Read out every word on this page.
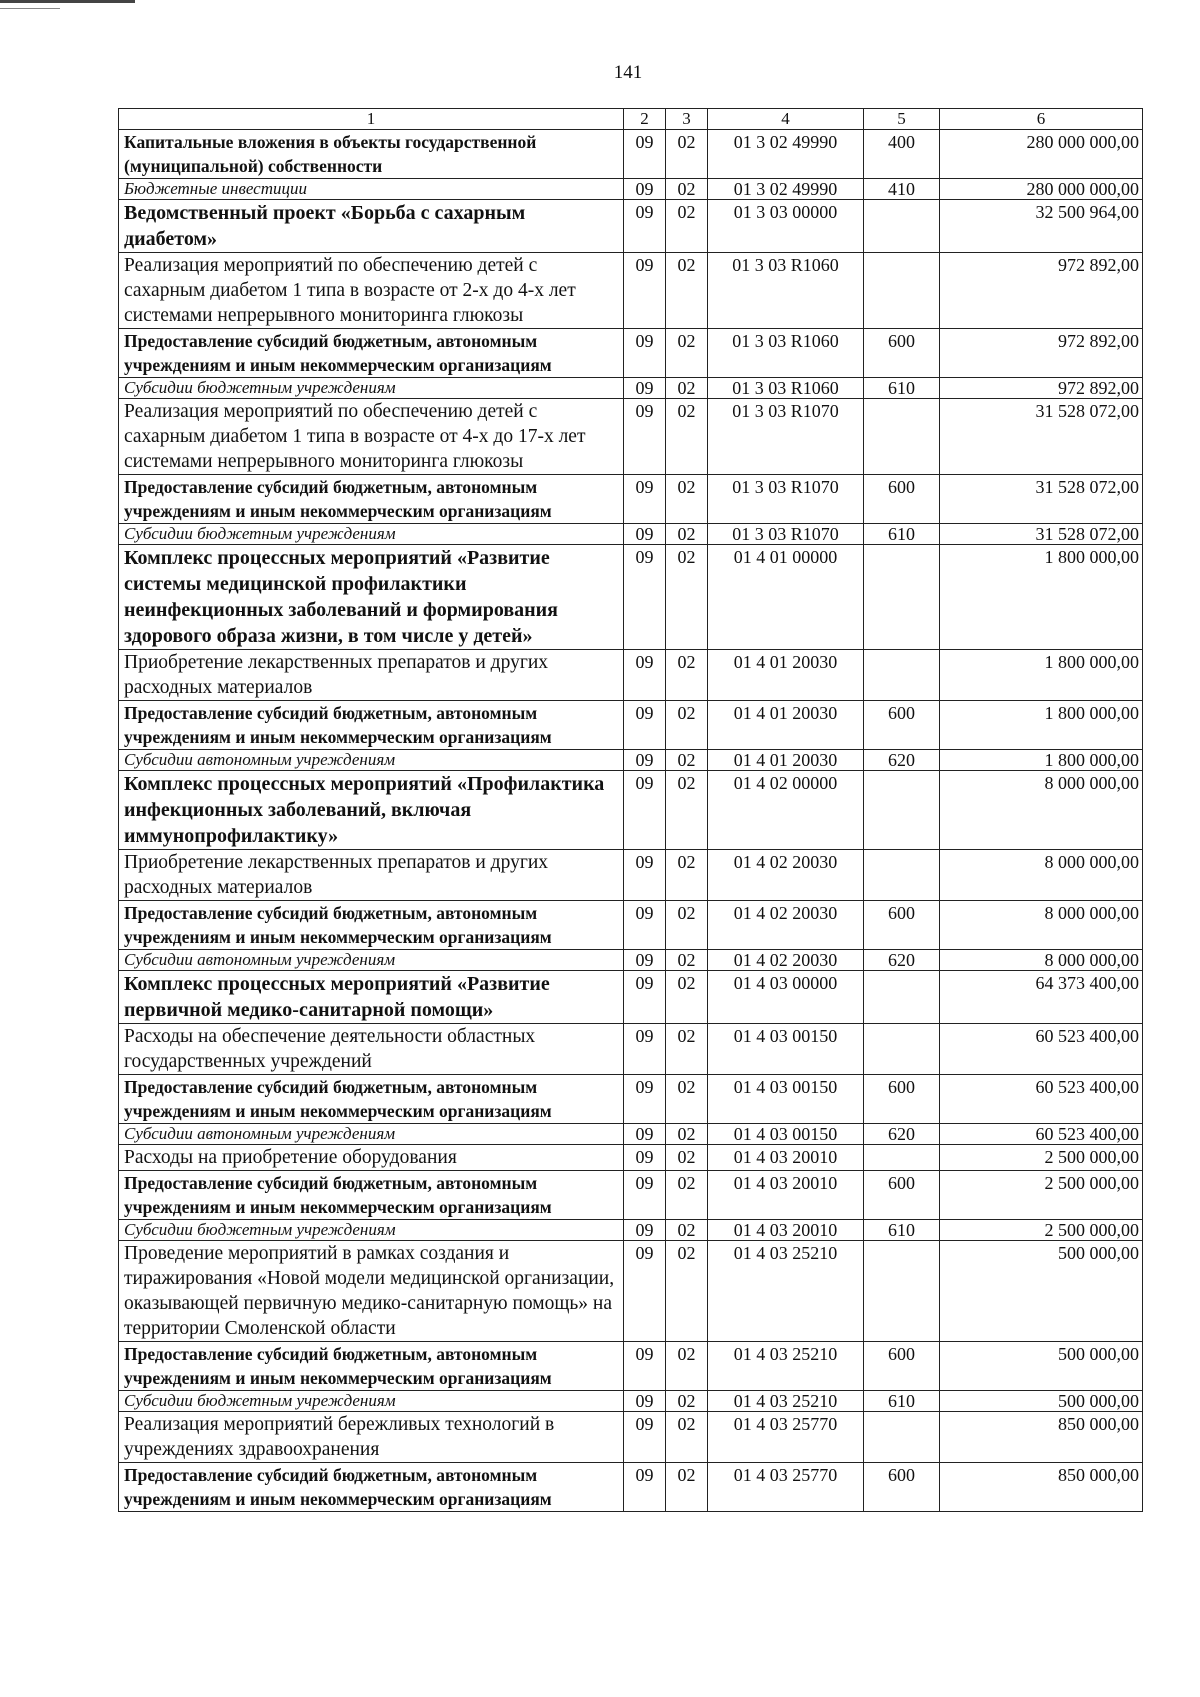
141
1	2	3	4	5	6
Капитальные вложения в объекты государственной (муниципальной) собственности	09	02	01 3 02 49990	400	280 000 000,00
Бюджетные инвестиции	09	02	01 3 02 49990	410	280 000 000,00
Ведомственный проект «Борьба с сахарным диабетом»	09	02	01 3 03 00000		32 500 964,00
Реализация мероприятий по обеспечению детей с сахарным диабетом 1 типа в возрасте от 2-х до 4-х лет системами непрерывного мониторинга глюкозы	09	02	01 3 03 R1060		972 892,00
Предоставление субсидий бюджетным, автономным учреждениям и иным некоммерческим организациям	09	02	01 3 03 R1060	600	972 892,00
Субсидии бюджетным учреждениям	09	02	01 3 03 R1060	610	972 892,00
Реализация мероприятий по обеспечению детей с сахарным диабетом 1 типа в возрасте от 4-х до 17-х лет системами непрерывного мониторинга глюкозы	09	02	01 3 03 R1070		31 528 072,00
Предоставление субсидий бюджетным, автономным учреждениям и иным некоммерческим организациям	09	02	01 3 03 R1070	600	31 528 072,00
Субсидии бюджетным учреждениям	09	02	01 3 03 R1070	610	31 528 072,00
Комплекс процессных мероприятий «Развитие системы медицинской профилактики неинфекционных заболеваний и формирования здорового образа жизни, в том числе у детей»	09	02	01 4 01 00000		1 800 000,00
Приобретение лекарственных препаратов и других расходных материалов	09	02	01 4 01 20030		1 800 000,00
Предоставление субсидий бюджетным, автономным учреждениям и иным некоммерческим организациям	09	02	01 4 01 20030	600	1 800 000,00
Субсидии автономным учреждениям	09	02	01 4 01 20030	620	1 800 000,00
Комплекс процессных мероприятий «Профилактика инфекционных заболеваний, включая иммунопрофилактику»	09	02	01 4 02 00000		8 000 000,00
Приобретение лекарственных препаратов и других расходных материалов	09	02	01 4 02 20030		8 000 000,00
Предоставление субсидий бюджетным, автономным учреждениям и иным некоммерческим организациям	09	02	01 4 02 20030	600	8 000 000,00
Субсидии автономным учреждениям	09	02	01 4 02 20030	620	8 000 000,00
Комплекс процессных мероприятий «Развитие первичной медико-санитарной помощи»	09	02	01 4 03 00000		64 373 400,00
Расходы на обеспечение деятельности областных государственных учреждений	09	02	01 4 03 00150		60 523 400,00
Предоставление субсидий бюджетным, автономным учреждениям и иным некоммерческим организациям	09	02	01 4 03 00150	600	60 523 400,00
Субсидии автономным учреждениям	09	02	01 4 03 00150	620	60 523 400,00
Расходы на приобретение оборудования	09	02	01 4 03 20010		2 500 000,00
Предоставление субсидий бюджетным, автономным учреждениям и иным некоммерческим организациям	09	02	01 4 03 20010	600	2 500 000,00
Субсидии бюджетным учреждениям	09	02	01 4 03 20010	610	2 500 000,00
Проведение мероприятий в рамках создания и тиражирования «Новой модели медицинской организации, оказывающей первичную медико-санитарную помощь» на территории Смоленской области	09	02	01 4 03 25210		500 000,00
Предоставление субсидий бюджетным, автономным учреждениям и иным некоммерческим организациям	09	02	01 4 03 25210	600	500 000,00
Субсидии бюджетным учреждениям	09	02	01 4 03 25210	610	500 000,00
Реализация мероприятий бережливых технологий в учреждениях здравоохранения	09	02	01 4 03 25770		850 000,00
Предоставление субсидий бюджетным, автономным учреждениям и иным некоммерческим организациям	09	02	01 4 03 25770	600	850 000,00
